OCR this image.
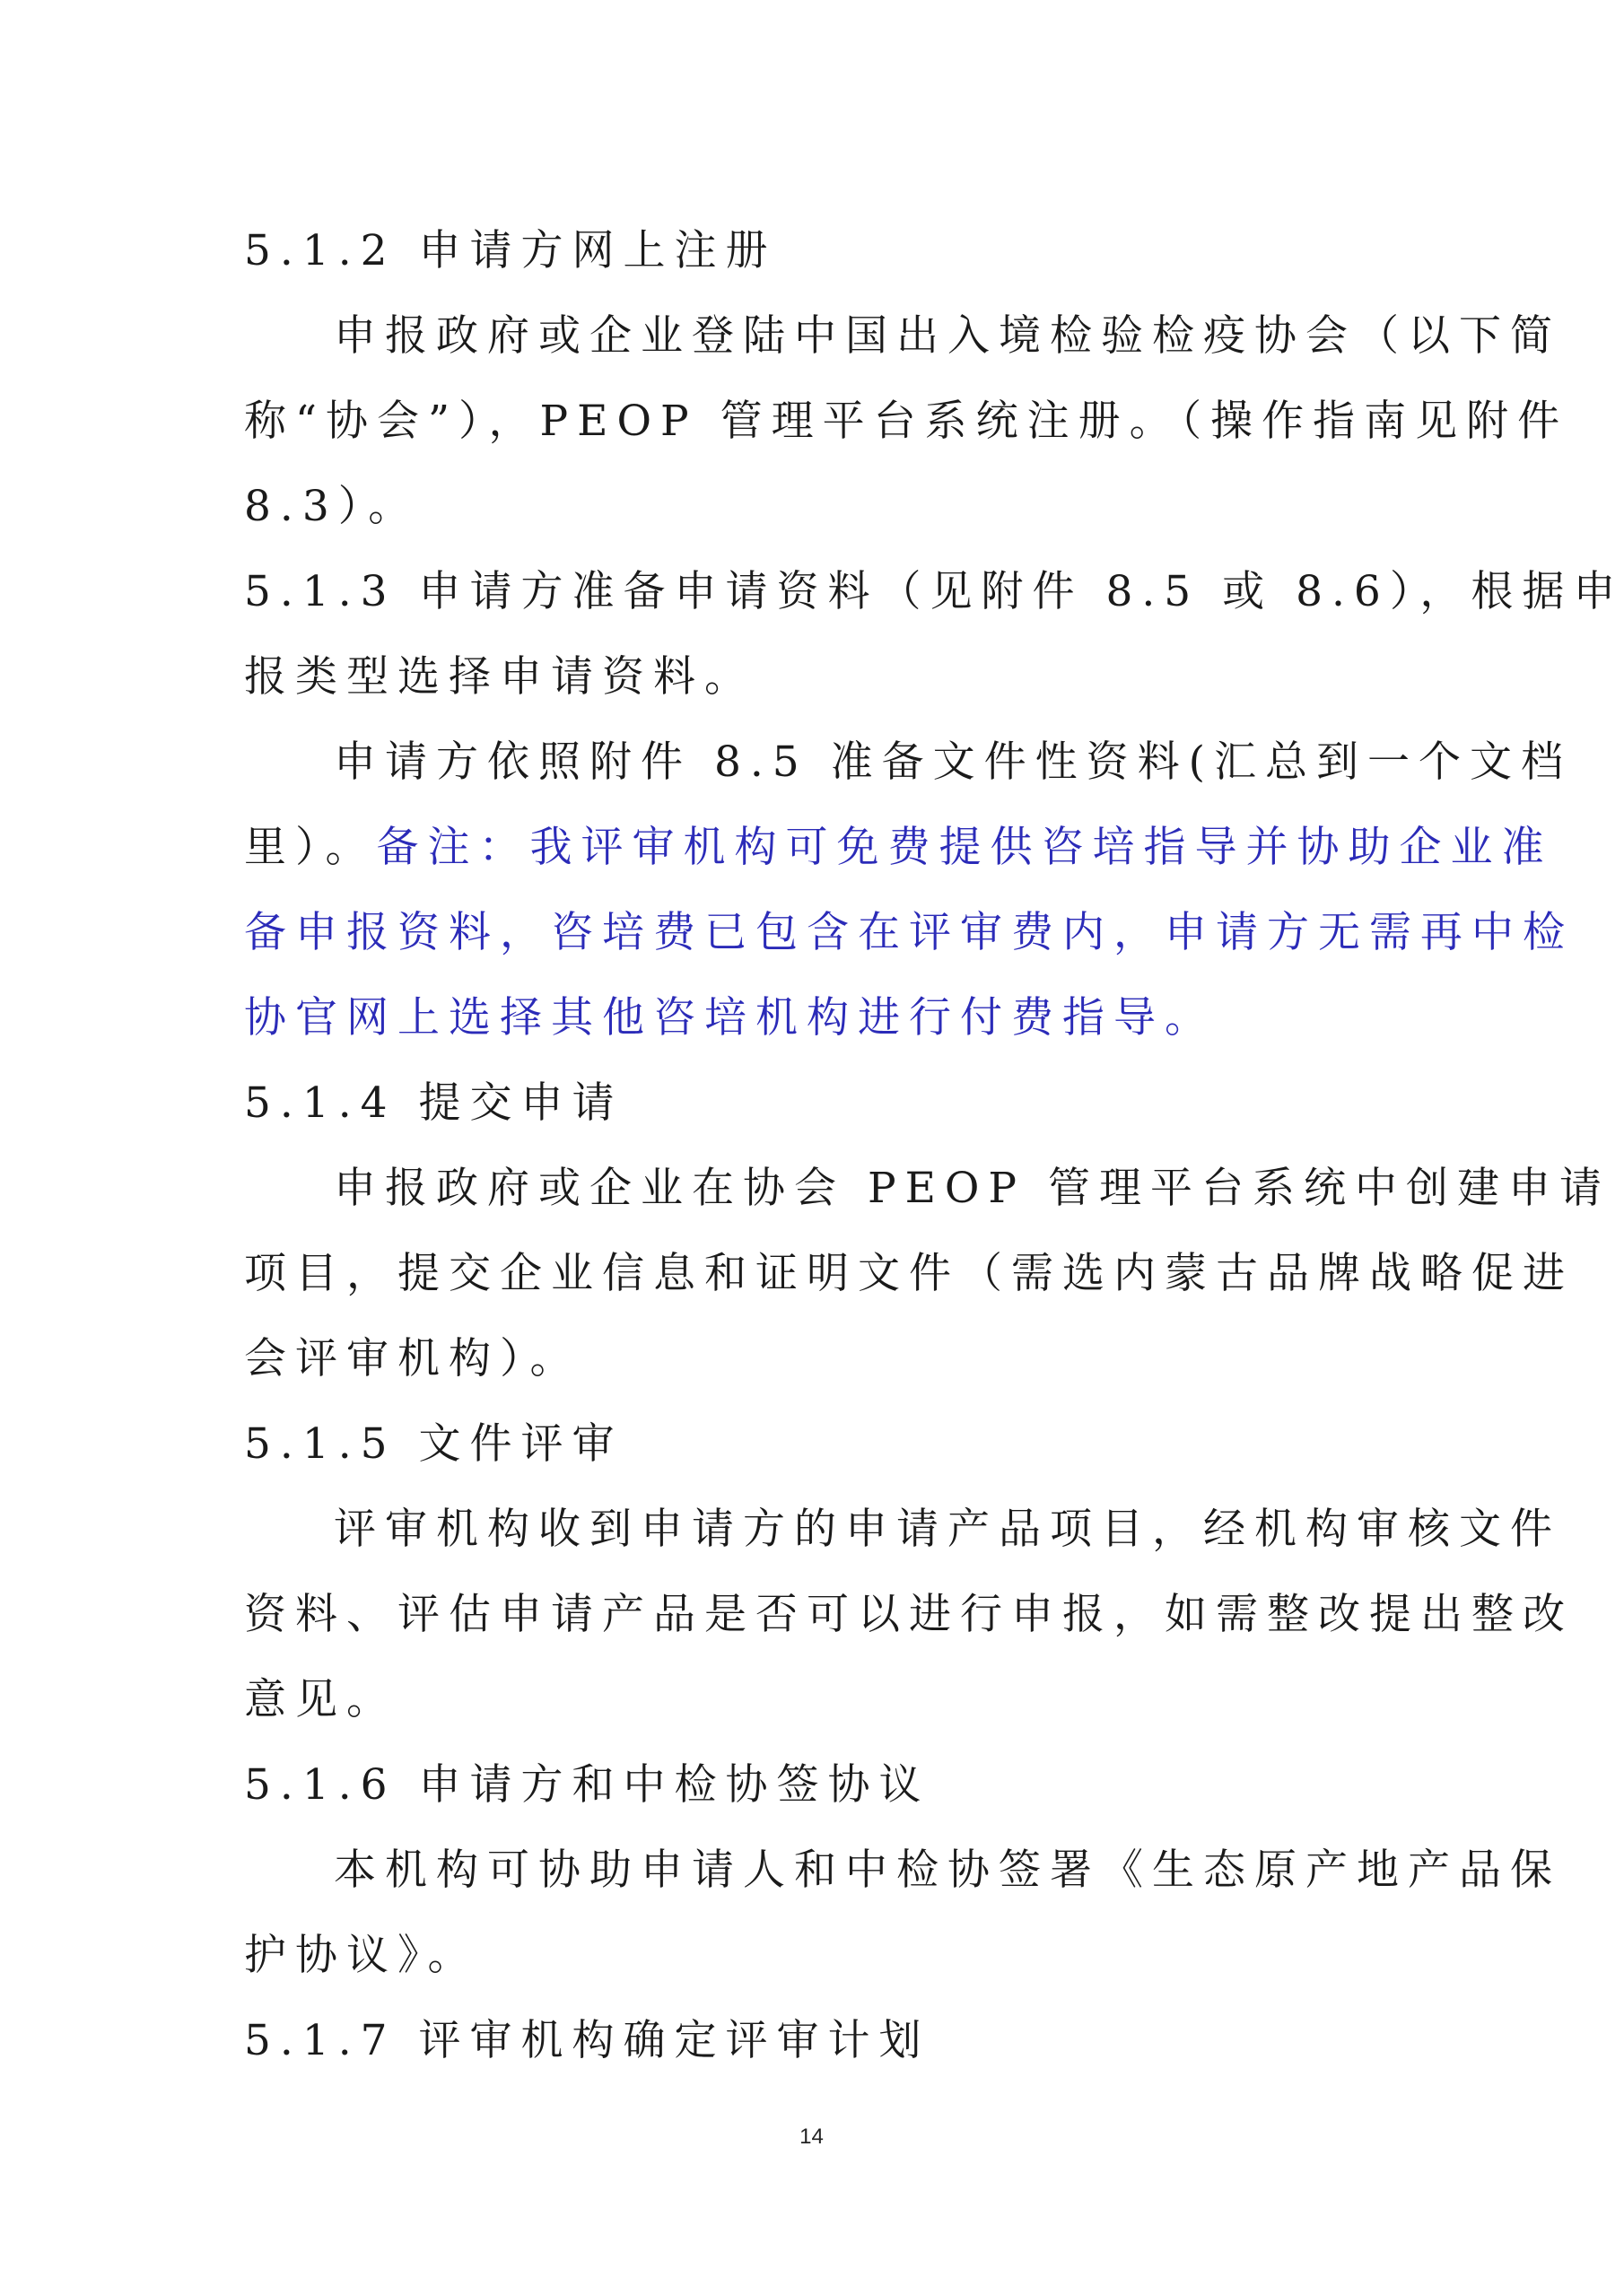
5.1.2 申请方网上注册
申报政府或企业登陆中国出入境检验检疫协会（以下简
称“协会”），PEOP 管理平台系统注册。（操作指南见附件
8.3）。
5.1.3 申请方准备申请资料（见附件 8.5 或 8.6），根据申
报类型选择申请资料。
申请方依照附件 8.5 准备文件性资料(汇总到一个文档
里）。备注：我评审机构可免费提供咨培指导并协助企业准
备申报资料，咨培费已包含在评审费内，申请方无需再中检
协官网上选择其他咨培机构进行付费指导。
5.1.4 提交申请
申报政府或企业在协会 PEOP 管理平台系统中创建申请
项目，提交企业信息和证明文件（需选内蒙古品牌战略促进
会评审机构）。
5.1.5 文件评审
评审机构收到申请方的申请产品项目，经机构审核文件
资料、评估申请产品是否可以进行申报，如需整改提出整改
意见。
5.1.6 申请方和中检协签协议
本机构可协助申请人和中检协签署《生态原产地产品保
护协议》。
5.1.7 评审机构确定评审计划
14
